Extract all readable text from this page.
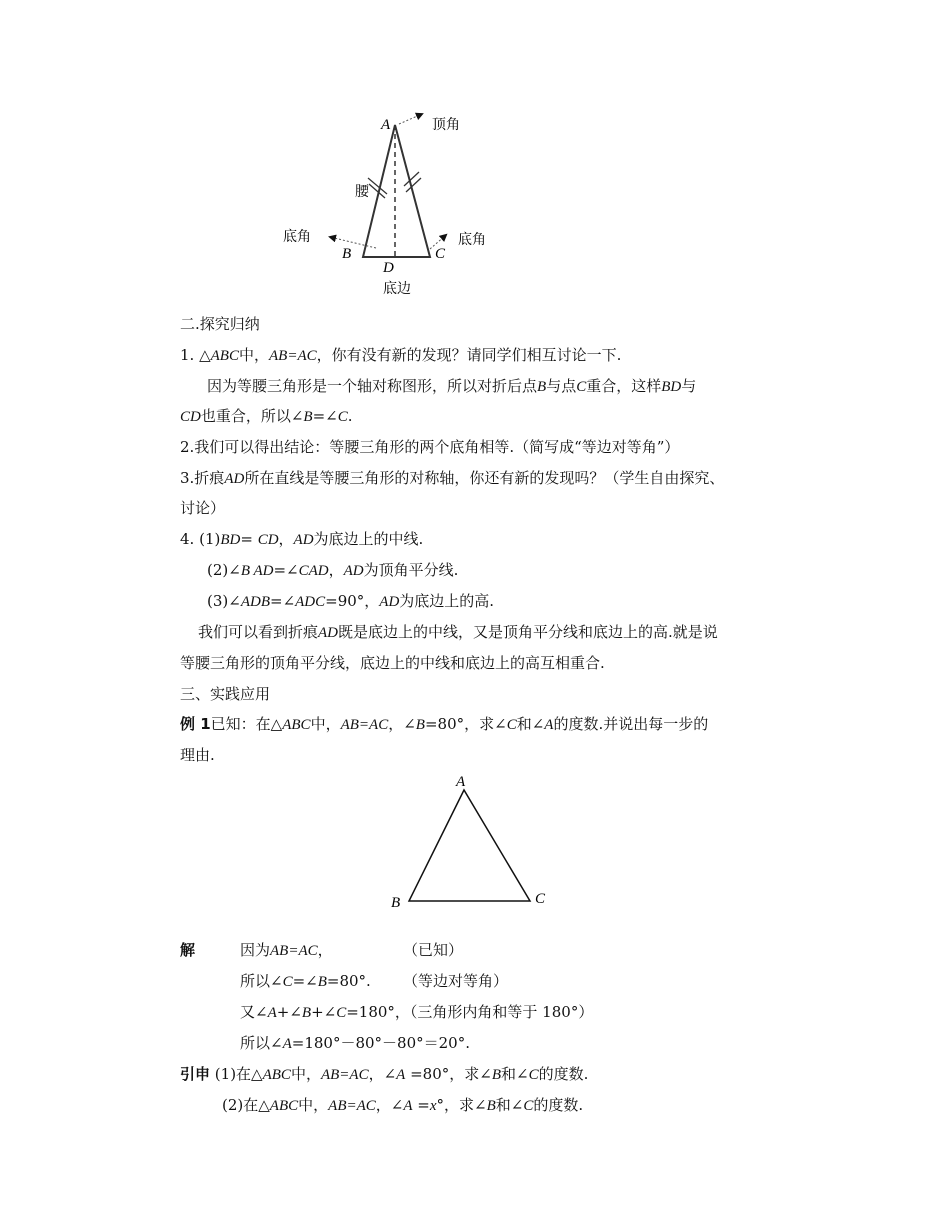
A
B	C
D
顶角
腰
底角	底角
底边
二.探究归纳
1. △ABC中，AB=AC，你有没有新的发现？请同学们相互讨论一下.
因为等腰三角形是一个轴对称图形，所以对折后点B与点C重合，这样BD与
CD也重合，所以∠B=∠C.
2.我们可以得出结论：等腰三角形的两个底角相等.（简写成“等边对等角”）
3.折痕AD所在直线是等腰三角形的对称轴，你还有新的发现吗？（学生自由探究、
讨论）
4. (1)BD= CD，AD为底边上的中线.
(2)∠B AD=∠CAD，AD为顶角平分线.
(3)∠ADB=∠ADC=90°，AD为底边上的高.
我们可以看到折痕AD既是底边上的中线，又是顶角平分线和底边上的高.就是说
等腰三角形的顶角平分线，底边上的中线和底边上的高互相重合.
三、实践应用
例 1已知：在△ABC中，AB=AC，∠B=80°，求∠C和∠A的度数.并说出每一步的
理由.
A
B	C
解	因为AB=AC，	（已知）
所以∠C=∠B=80°. （等边对等角）
又∠A+∠B+∠C=180°，（三角形内角和等于 180°）
所以∠A=180°－80°－80°＝20°.
引申 (1)在△ABC中，AB=AC，∠A =80°，求∠B和∠C的度数.
(2)在△ABC中，AB=AC，∠A =x°，求∠B和∠C的度数.
